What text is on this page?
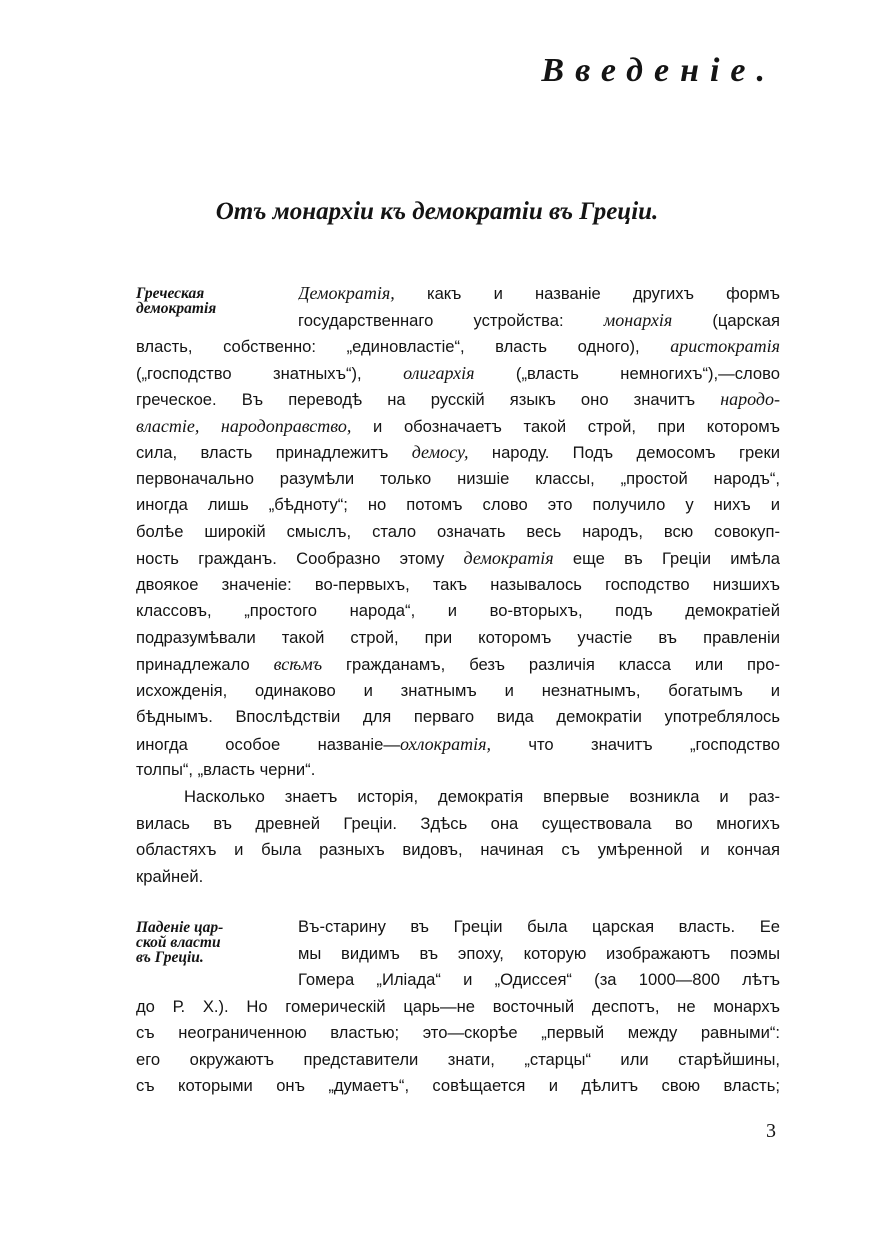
Введеніе.
Отъ монархіи къ демократіи въ Греціи.
Греческая
демократія
Демократія, какъ и названіе другихъ формъ
государственнаго устройства: монархія (царская
власть, собственно: „единовластіе“, власть одного), аристократія
(„господство знатныхъ“), олигархія („власть немногихъ“),—слово
греческое. Въ переводѣ на русскій языкъ оно значитъ народо-
властіе, народоправство, и обозначаетъ такой строй, при которомъ
сила, власть принадлежитъ демосу, народу. Подъ демосомъ греки
первоначально разумѣли только низшіе классы, „простой народъ“,
иногда лишь „бѣдноту“; но потомъ слово это получило у нихъ и
болѣе широкій смыслъ, стало означать весь народъ, всю совокуп-
ность гражданъ. Сообразно этому демократія еще въ Греціи имѣла
двоякое значеніе: во-первыхъ, такъ называлось господство низшихъ
классовъ, „простого народа“, и во-вторыхъ, подъ демократіей
подразумѣвали такой строй, при которомъ участіе въ правленіи
принадлежало всѣмъ гражданамъ, безъ различія класса или про-
исхожденія, одинаково и знатнымъ и незнатнымъ, богатымъ и
бѣднымъ. Впослѣдствіи для перваго вида демократіи употреблялось
иногда особое названіе—охлократія, что значитъ „господство
толпы“, „власть черни“.
Насколько знаетъ исторія, демократія впервые возникла и раз-
вилась въ древней Греціи. Здѣсь она существовала во многихъ
областяхъ и была разныхъ видовъ, начиная съ умѣренной и кончая
крайней.
Паденіе цар-
ской власти
въ Греціи.
Въ-старину въ Греціи была царская власть. Ее
мы видимъ въ эпоху, которую изображаютъ поэмы
Гомера „Иліада“ и „Одиссея“ (за 1000—800 лѣтъ
до Р. Х.). Но гомерическій царь—не восточный деспотъ, не монархъ
съ неограниченною властью; это—скорѣе „первый между равными“:
его окружаютъ представители знати, „старцы“ или старѣйшины,
съ которыми онъ „думаетъ“, совѣщается и дѣлитъ свою власть;
3
